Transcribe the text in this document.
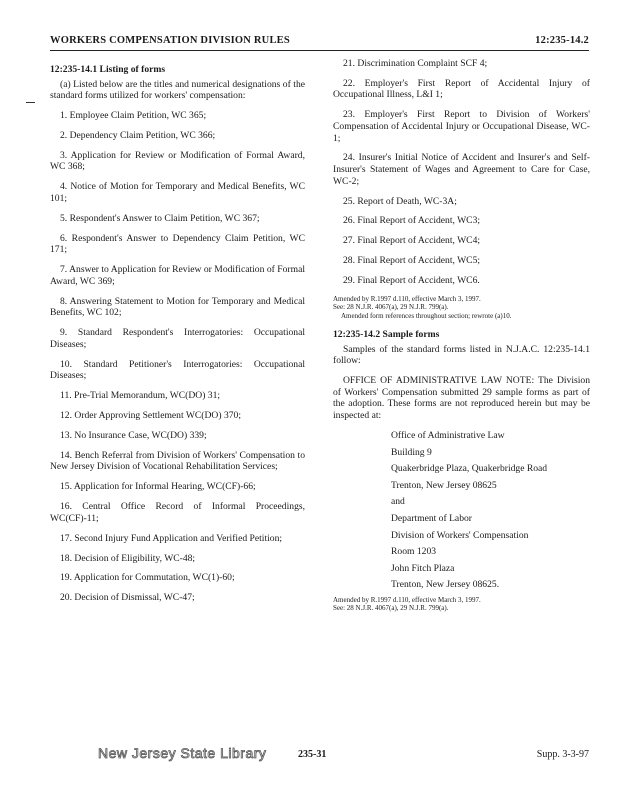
WORKERS COMPENSATION DIVISION RULES	12:235-14.2
12:235-14.1 Listing of forms

(a) Listed below are the titles and numerical designations of the standard forms utilized for workers' compensation:

1. Employee Claim Petition, WC 365;

2. Dependency Claim Petition, WC 366;

3. Application for Review or Modification of Formal Award, WC 368;

4. Notice of Motion for Temporary and Medical Benefits, WC 101;

5. Respondent's Answer to Claim Petition, WC 367;

6. Respondent's Answer to Dependency Claim Petition, WC 171;

7. Answer to Application for Review or Modification of Formal Award, WC 369;

8. Answering Statement to Motion for Temporary and Medical Benefits, WC 102;

9. Standard Respondent's Interrogatories: Occupational Diseases;

10. Standard Petitioner's Interrogatories: Occupational Diseases;

11. Pre-Trial Memorandum, WC(DO) 31;

12. Order Approving Settlement WC(DO) 370;

13. No Insurance Case, WC(DO) 339;

14. Bench Referral from Division of Workers' Compensation to New Jersey Division of Vocational Rehabilitation Services;

15. Application for Informal Hearing, WC(CF)-66;

16. Central Office Record of Informal Proceedings, WC(CF)-11;

17. Second Injury Fund Application and Verified Petition;

18. Decision of Eligibility, WC-48;

19. Application for Commutation, WC(1)-60;

20. Decision of Dismissal, WC-47;

21. Discrimination Complaint SCF 4;

22. Employer's First Report of Accidental Injury of Occupational Illness, L&I 1;

23. Employer's First Report to Division of Workers' Compensation of Accidental Injury or Occupational Disease, WC-1;

24. Insurer's Initial Notice of Accident and Insurer's and Self-Insurer's Statement of Wages and Agreement to Care for Case, WC-2;

25. Report of Death, WC-3A;

26. Final Report of Accident, WC3;

27. Final Report of Accident, WC4;

28. Final Report of Accident, WC5;

29. Final Report of Accident, WC6.

Amended by R.1997 d.110, effective March 3, 1997.
See: 28 N.J.R. 4067(a), 29 N.J.R. 799(a).
Amended form references throughout section; rewrote (a)10.
12:235-14.2 Sample forms

Samples of the standard forms listed in N.J.A.C. 12:235-14.1 follow:

OFFICE OF ADMINISTRATIVE LAW NOTE: The Division of Workers' Compensation submitted 29 sample forms as part of the adoption. These forms are not reproduced herein but may be inspected at:

Office of Administrative Law
Building 9
Quakerbridge Plaza, Quakerbridge Road
Trenton, New Jersey 08625
and
Department of Labor
Division of Workers' Compensation
Room 1203
John Fitch Plaza
Trenton, New Jersey 08625.
Amended by R.1997 d.110, effective March 3, 1997.
See: 28 N.J.R. 4067(a), 29 N.J.R. 799(a).
New Jersey State Library	235-31	Supp. 3-3-97
